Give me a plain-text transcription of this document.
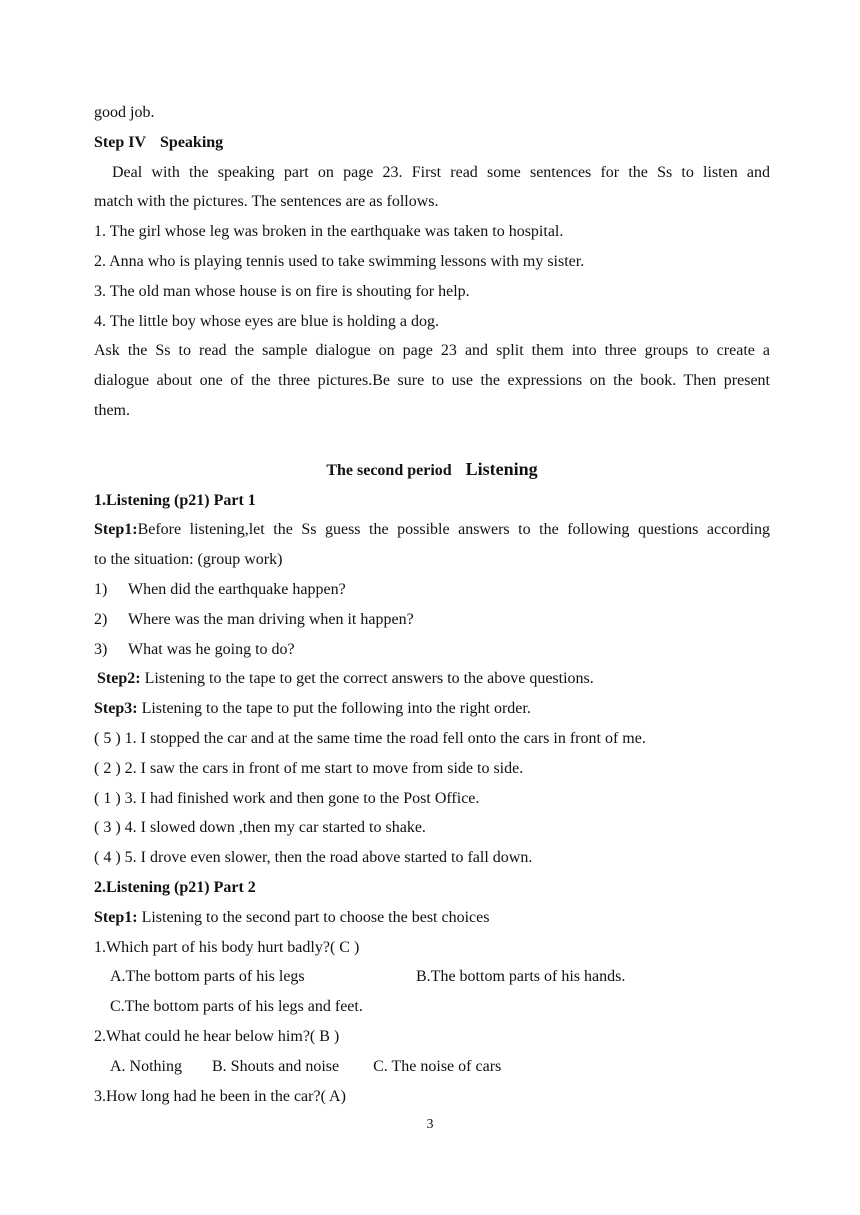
good job.
Step IV Speaking
Deal with the speaking part on page 23. First read some sentences for the Ss to listen and
match with the pictures. The sentences are as follows.
1. The girl whose leg was broken in the earthquake was taken to hospital.
2. Anna who is playing tennis used to take swimming lessons with my sister.
3. The old man whose house is on fire is shouting for help.
4. The little boy whose eyes are blue is holding a dog.
Ask the Ss to read the sample dialogue on page 23 and split them into three groups to create a
dialogue about one of the three pictures.Be sure to use the expressions on the book. Then present
them.
The second period Listening
1.Listening (p21) Part 1
Step1:Before listening,let the Ss guess the possible answers to the following questions according
to the situation: (group work)
1) When did the earthquake happen?
2) Where was the man driving when it happen?
3) What was he going to do?
Step2: Listening to the tape to get the correct answers to the above questions.
Step3: Listening to the tape to put the following into the right order.
( 5 ) 1. I stopped the car and at the same time the road fell onto the cars in front of me.
( 2 ) 2. I saw the cars in front of me start to move from side to side.
( 1 ) 3. I had finished work and then gone to the Post Office.
( 3 ) 4. I slowed down ,then my car started to shake.
( 4 ) 5. I drove even slower, then the road above started to fall down.
2.Listening (p21) Part 2
Step1: Listening to the second part to choose the best choices
1.Which part of his body hurt badly?( C )
A.The bottom parts of his legs	B.The bottom parts of his hands.
C.The bottom parts of his legs and feet.
2.What could he hear below him?( B )
A. Nothing B. Shouts and noise C. The noise of cars
3.How long had he been in the car?( A)
3
